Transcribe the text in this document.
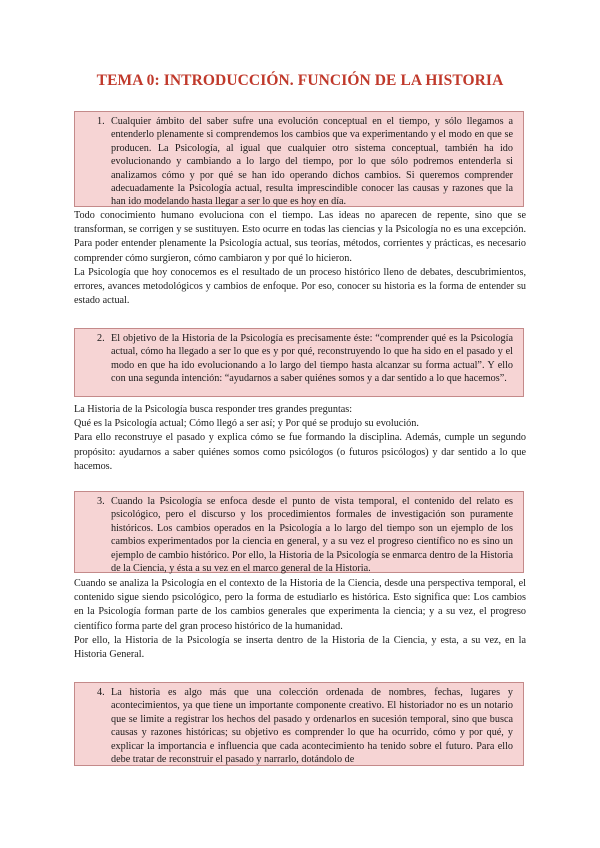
TEMA 0: INTRODUCCIÓN. FUNCIÓN DE LA HISTORIA
1. Cualquier ámbito del saber sufre una evolución conceptual en el tiempo, y sólo llegamos a entenderlo plenamente si comprendemos los cambios que va experimentando y el modo en que se producen. La Psicología, al igual que cualquier otro sistema conceptual, también ha ido evolucionando y cambiando a lo largo del tiempo, por lo que sólo podremos entenderla si analizamos cómo y por qué se han ido operando dichos cambios. Si queremos comprender adecuadamente la Psicología actual, resulta imprescindible conocer las causas y razones que la han ido modelando hasta llegar a ser lo que es hoy en día.

Todo conocimiento humano evoluciona con el tiempo. Las ideas no aparecen de repente, sino que se transforman, se corrigen y se sustituyen. Esto ocurre en todas las ciencias y la Psicología no es una excepción. Para poder entender plenamente la Psicología actual, sus teorías, métodos, corrientes y prácticas, es necesario comprender cómo surgieron, cómo cambiaron y por qué lo hicieron.

La Psicología que hoy conocemos es el resultado de un proceso histórico lleno de debates, descubrimientos, errores, avances metodológicos y cambios de enfoque. Por eso, conocer su historia es la forma de entender su estado actual.

2. El objetivo de la Historia de la Psicología es precisamente éste: “comprender qué es la Psicología actual, cómo ha llegado a ser lo que es y por qué, reconstruyendo lo que ha sido en el pasado y el modo en que ha ido evolucionando a lo largo del tiempo hasta alcanzar su forma actual”. Y ello con una segunda intención: “ayudarnos a saber quiénes somos y a dar sentido a lo que hacemos”.

La Historia de la Psicología busca responder tres grandes preguntas:

Qué es la Psicología actual; Cómo llegó a ser así; y Por qué se produjo su evolución.

Para ello reconstruye el pasado y explica cómo se fue formando la disciplina. Además, cumple un segundo propósito: ayudarnos a saber quiénes somos como psicólogos (o futuros psicólogos) y dar sentido a lo que hacemos.

3. Cuando la Psicología se enfoca desde el punto de vista temporal, el contenido del relato es psicológico, pero el discurso y los procedimientos formales de investigación son puramente históricos. Los cambios operados en la Psicología a lo largo del tiempo son un ejemplo de los cambios experimentados por la ciencia en general, y a su vez el progreso científico no es sino un ejemplo de cambio histórico. Por ello, la Historia de la Psicología se enmarca dentro de la Historia de la Ciencia, y ésta a su vez en el marco general de la Historia.

Cuando se analiza la Psicología en el contexto de la Historia de la Ciencia, desde una perspectiva temporal, el contenido sigue siendo psicológico, pero la forma de estudiarlo es histórica. Esto significa que: Los cambios en la Psicología forman parte de los cambios generales que experimenta la ciencia; y a su vez, el progreso científico forma parte del gran proceso histórico de la humanidad.

Por ello, la Historia de la Psicología se inserta dentro de la Historia de la Ciencia, y esta, a su vez, en la Historia General.

4. La historia es algo más que una colección ordenada de nombres, fechas, lugares y acontecimientos, ya que tiene un importante componente creativo. El historiador no es un notario que se limite a registrar los hechos del pasado y ordenarlos en sucesión temporal, sino que busca causas y razones históricas; su objetivo es comprender lo que ha ocurrido, cómo y por qué, y explicar la importancia e influencia que cada acontecimiento ha tenido sobre el futuro. Para ello debe tratar de reconstruir el pasado y narrarlo, dotándolo de
